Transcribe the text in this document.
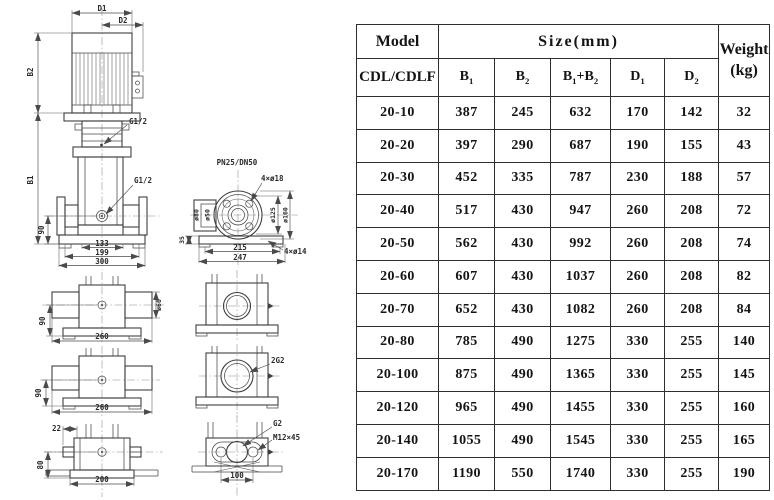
D1
D2
B2
B1
G1/2
G1/2
90
133
199
300
PN25/DN50
ø80 ø50	ø125 ø160
4×ø18
4×ø14
35
215
247
90
ø60
260
90
260
22
80
200
2G2
G2
M12×45
100
Model	Size(mm)					Weight
(kg)

CDL/CDLF	$B_1$	$B_2$	$B_1+B_2$	$D_1$	$D_2$
20-10	387	245	632	170	142	32
20-20	397	290	687	190	155	43
20-30	452	335	787	230	188	57
20-40	517	430	947	260	208	72
20-50	562	430	992	260	208	74
20-60	607	430	1037	260	208	82
20-70	652	430	1082	260	208	84
20-80	785	490	1275	330	255	140
20-100	875	490	1365	330	255	145
20-120	965	490	1455	330	255	160
20-140	1055	490	1545	330	255	165
20-170	1190	550	1740	330	255	190
